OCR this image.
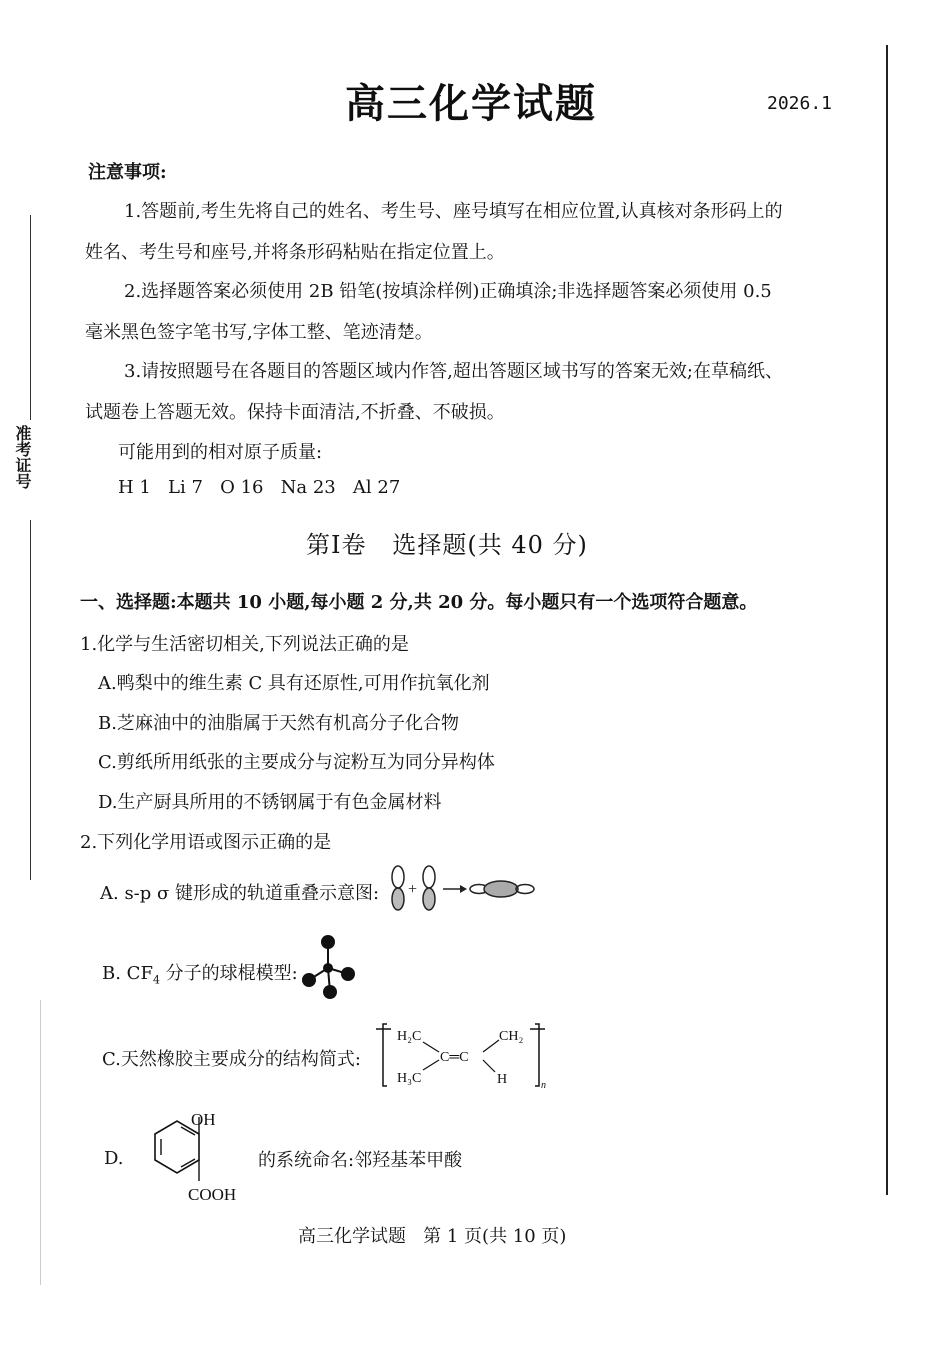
高三化学试题	2026.1
准考证号
注意事项:
1.答题前,考生先将自己的姓名、考生号、座号填写在相应位置,认真核对条形码上的
姓名、考生号和座号,并将条形码粘贴在指定位置上。
2.选择题答案必须使用 2B 铅笔(按填涂样例)正确填涂;非选择题答案必须使用 0.5
毫米黑色签字笔书写,字体工整、笔迹清楚。
3.请按照题号在各题目的答题区域内作答,超出答题区域书写的答案无效;在草稿纸、
试题卷上答题无效。保持卡面清洁,不折叠、不破损。
可能用到的相对原子质量:
H 1   Li 7   O 16   Na 23   Al 27
第Ⅰ卷   选择题(共 40 分)
一、选择题:本题共 10 小题,每小题 2 分,共 20 分。每小题只有一个选项符合题意。
1.化学与生活密切相关,下列说法正确的是
A.鸭梨中的维生素 C 具有还原性,可用作抗氧化剂
B.芝麻油中的油脂属于天然有机高分子化合物
C.剪纸所用纸张的主要成分与淀粉互为同分异构体
D.生产厨具所用的不锈钢属于有色金属材料
2.下列化学用语或图示正确的是
A. s-p σ 键形成的轨道重叠示意图: +
B. $CF_4$ 分子的球棍模型:
C.天然橡胶主要成分的结构简式:
H₂C
H₃C
C═C
CH₂
H	n
D.
OH
COOH
的系统命名:邻羟基苯甲酸
高三化学试题   第 1 页(共 10 页)
